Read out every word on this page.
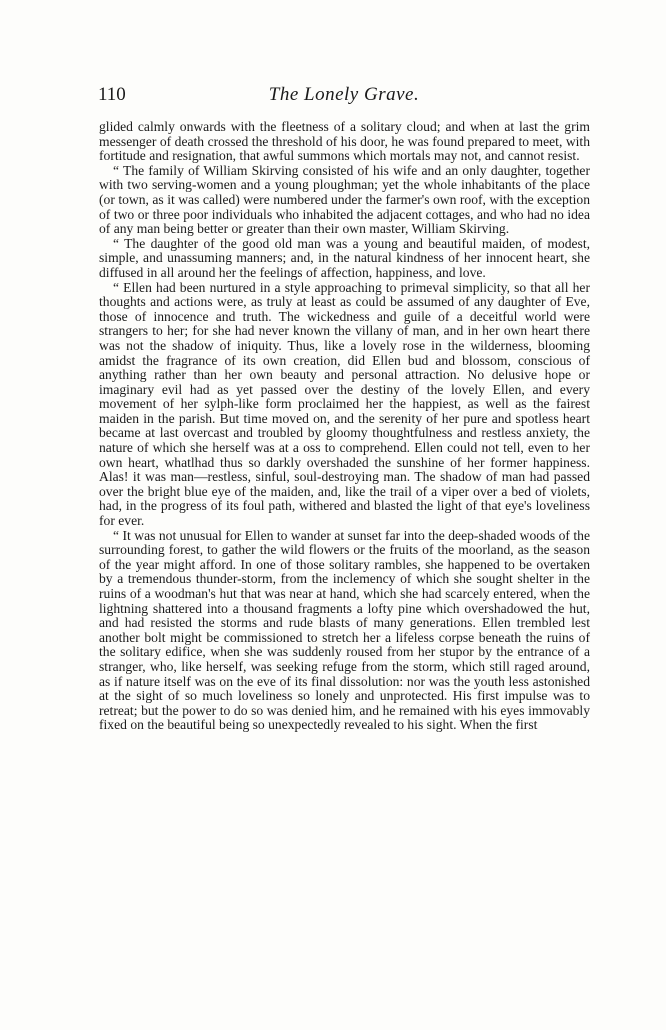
110	The Lonely Grave.

glided calmly onwards with the fleetness of a solitary cloud; and when at last the grim messenger of death crossed the threshold of his door, he was found prepared to meet, with fortitude and resignation, that awful summons which mortals may not, and cannot resist.

“ The family of William Skirving consisted of his wife and an only daughter, together with two serving-women and a young ploughman; yet the whole inhabitants of the place (or town, as it was called) were numbered under the farmer's own roof, with the exception of two or three poor individuals who inhabited the adjacent cottages, and who had no idea of any man being better or greater than their own master, William Skirving.

“ The daughter of the good old man was a young and beautiful maiden, of modest, simple, and unassuming manners; and, in the natural kindness of her innocent heart, she diffused in all around her the feelings of affection, happiness, and love.

“ Ellen had been nurtured in a style approaching to primeval simplicity, so that all her thoughts and actions were, as truly at least as could be assumed of any daughter of Eve, those of innocence and truth. The wickedness and guile of a deceitful world were strangers to her; for she had never known the villany of man, and in her own heart there was not the shadow of iniquity. Thus, like a lovely rose in the wilderness, blooming amidst the fragrance of its own creation, did Ellen bud and blossom, conscious of anything rather than her own beauty and personal attraction. No delusive hope or imaginary evil had as yet passed over the destiny of the lovely Ellen, and every movement of her sylph-like form proclaimed her the happiest, as well as the fairest maiden in the parish. But time moved on, and the serenity of her pure and spotless heart became at last overcast and troubled by gloomy thoughtfulness and restless anxiety, the nature of which she herself was at a oss to comprehend. Ellen could not tell, even to her own heart, whatlhad thus so darkly overshaded the sunshine of her former happiness. Alas! it was man—restless, sinful, soul-destroying man. The shadow of man had passed over the bright blue eye of the maiden, and, like the trail of a viper over a bed of violets, had, in the progress of its foul path, withered and blasted the light of that eye's loveliness for ever.

“ It was not unusual for Ellen to wander at sunset far into the deep-shaded woods of the surrounding forest, to gather the wild flowers or the fruits of the moorland, as the season of the year might afford. In one of those solitary rambles, she happened to be overtaken by a tremendous thunder-storm, from the inclemency of which she sought shelter in the ruins of a woodman's hut that was near at hand, which she had scarcely entered, when the lightning shattered into a thousand fragments a lofty pine which overshadowed the hut, and had resisted the storms and rude blasts of many generations. Ellen trembled lest another bolt might be commissioned to stretch her a lifeless corpse beneath the ruins of the solitary edifice, when she was suddenly roused from her stupor by the entrance of a stranger, who, like herself, was seeking refuge from the storm, which still raged around, as if nature itself was on the eve of its final dissolution: nor was the youth less astonished at the sight of so much loveliness so lonely and unprotected. His first impulse was to retreat; but the power to do so was denied him, and he remained with his eyes immovably fixed on the beautiful being so unexpectedly revealed to his sight. When the first
